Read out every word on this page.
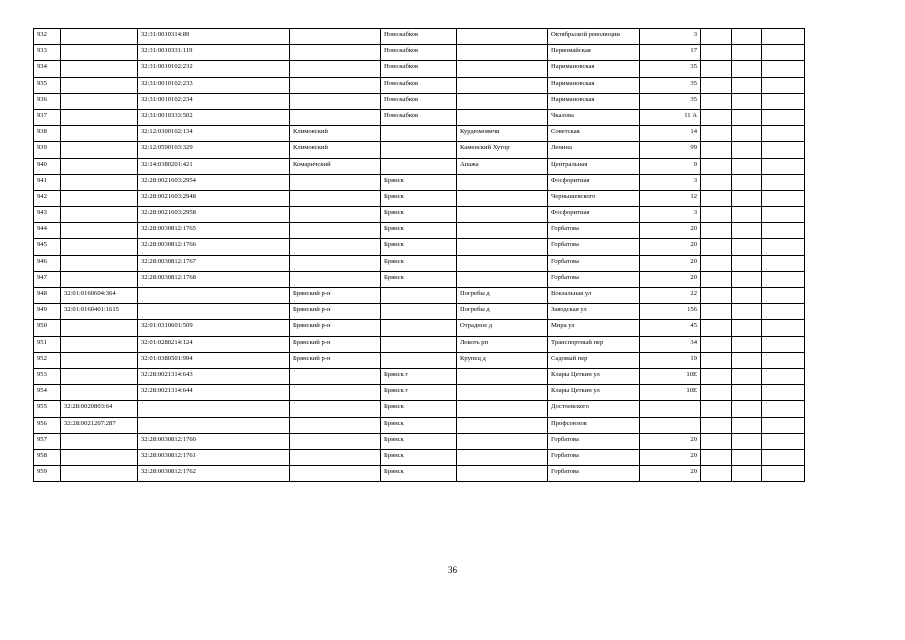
932		32:31:0010314:89		Новозыбков		Октябрьской революции	3			
933		32:31:0010331:119		Новозыбков		Первомайская	17			
934		32:31:0010102:232		Новозыбков		Наримановская	35			
935		32:31:0010102:233		Новозыбков		Наримановская	35			
936		32:31:0010102:234		Новозыбков		Наримановская	35			
937		32:31:0010333:502		Новозыбков		Чкалова	11 А			
938		32:12:0300102:134	Климовский		Курдюмовичи	Советская	14			
939		32:12:0590103:329	Климовский		Каменский Хутор	Ленина	99			
940		32:14:0380201:421	Комаричский		Апажа	Центральная	9			
941		32:28:0021603:2954		Брянск		Фосфоритная	3			
942		32:28:0021603:2948		Брянск		Чернышевского	12			
943		32:28:0021603:2958		Брянск		Фосфоритная	3			
944		32:28:0030812:1765		Брянск		Горбатова	20			
945		32:28:0030812:1766		Брянск		Горбатова	20			
946		32:28:0030812:1767		Брянск		Горбатова	20			
947		32:28:0030812:1768		Брянск		Горбатова	20			
948	32:01:0160604:364		Брянский р-н		Погребы д	Вокзальная ул	22			
949	32:01:0160401:1615		Брянский р-н		Погребы д	Заводская ул	156			
950		32:01:0310601:509	Брянский р-н		Отрадное д	Мира ул	45			
951		32:01:0280214:124	Брянский р-н		Локоть рп	Транспортный пер	34			
952		32:01:0380501:994	Брянский р-н		Крупец д	Садовый пер	19			
953		32:28:0021314:643		Брянск г		Клары Цеткин ул	10Е			
954		32:28:0021314:644		Брянск г		Клары Цеткин ул	10Е			
955	32:28:0020803:64			Брянск		Достоевского				
956	32:28:0021207:287			Брянск		Профсоюзов				
957		32:28:0030812:1760		Брянск		Горбатова	20			
958		32:28:0030812:1761		Брянск		Горбатова	20			
959		32:28:0030812:1762		Брянск		Горбатова	20			
36
